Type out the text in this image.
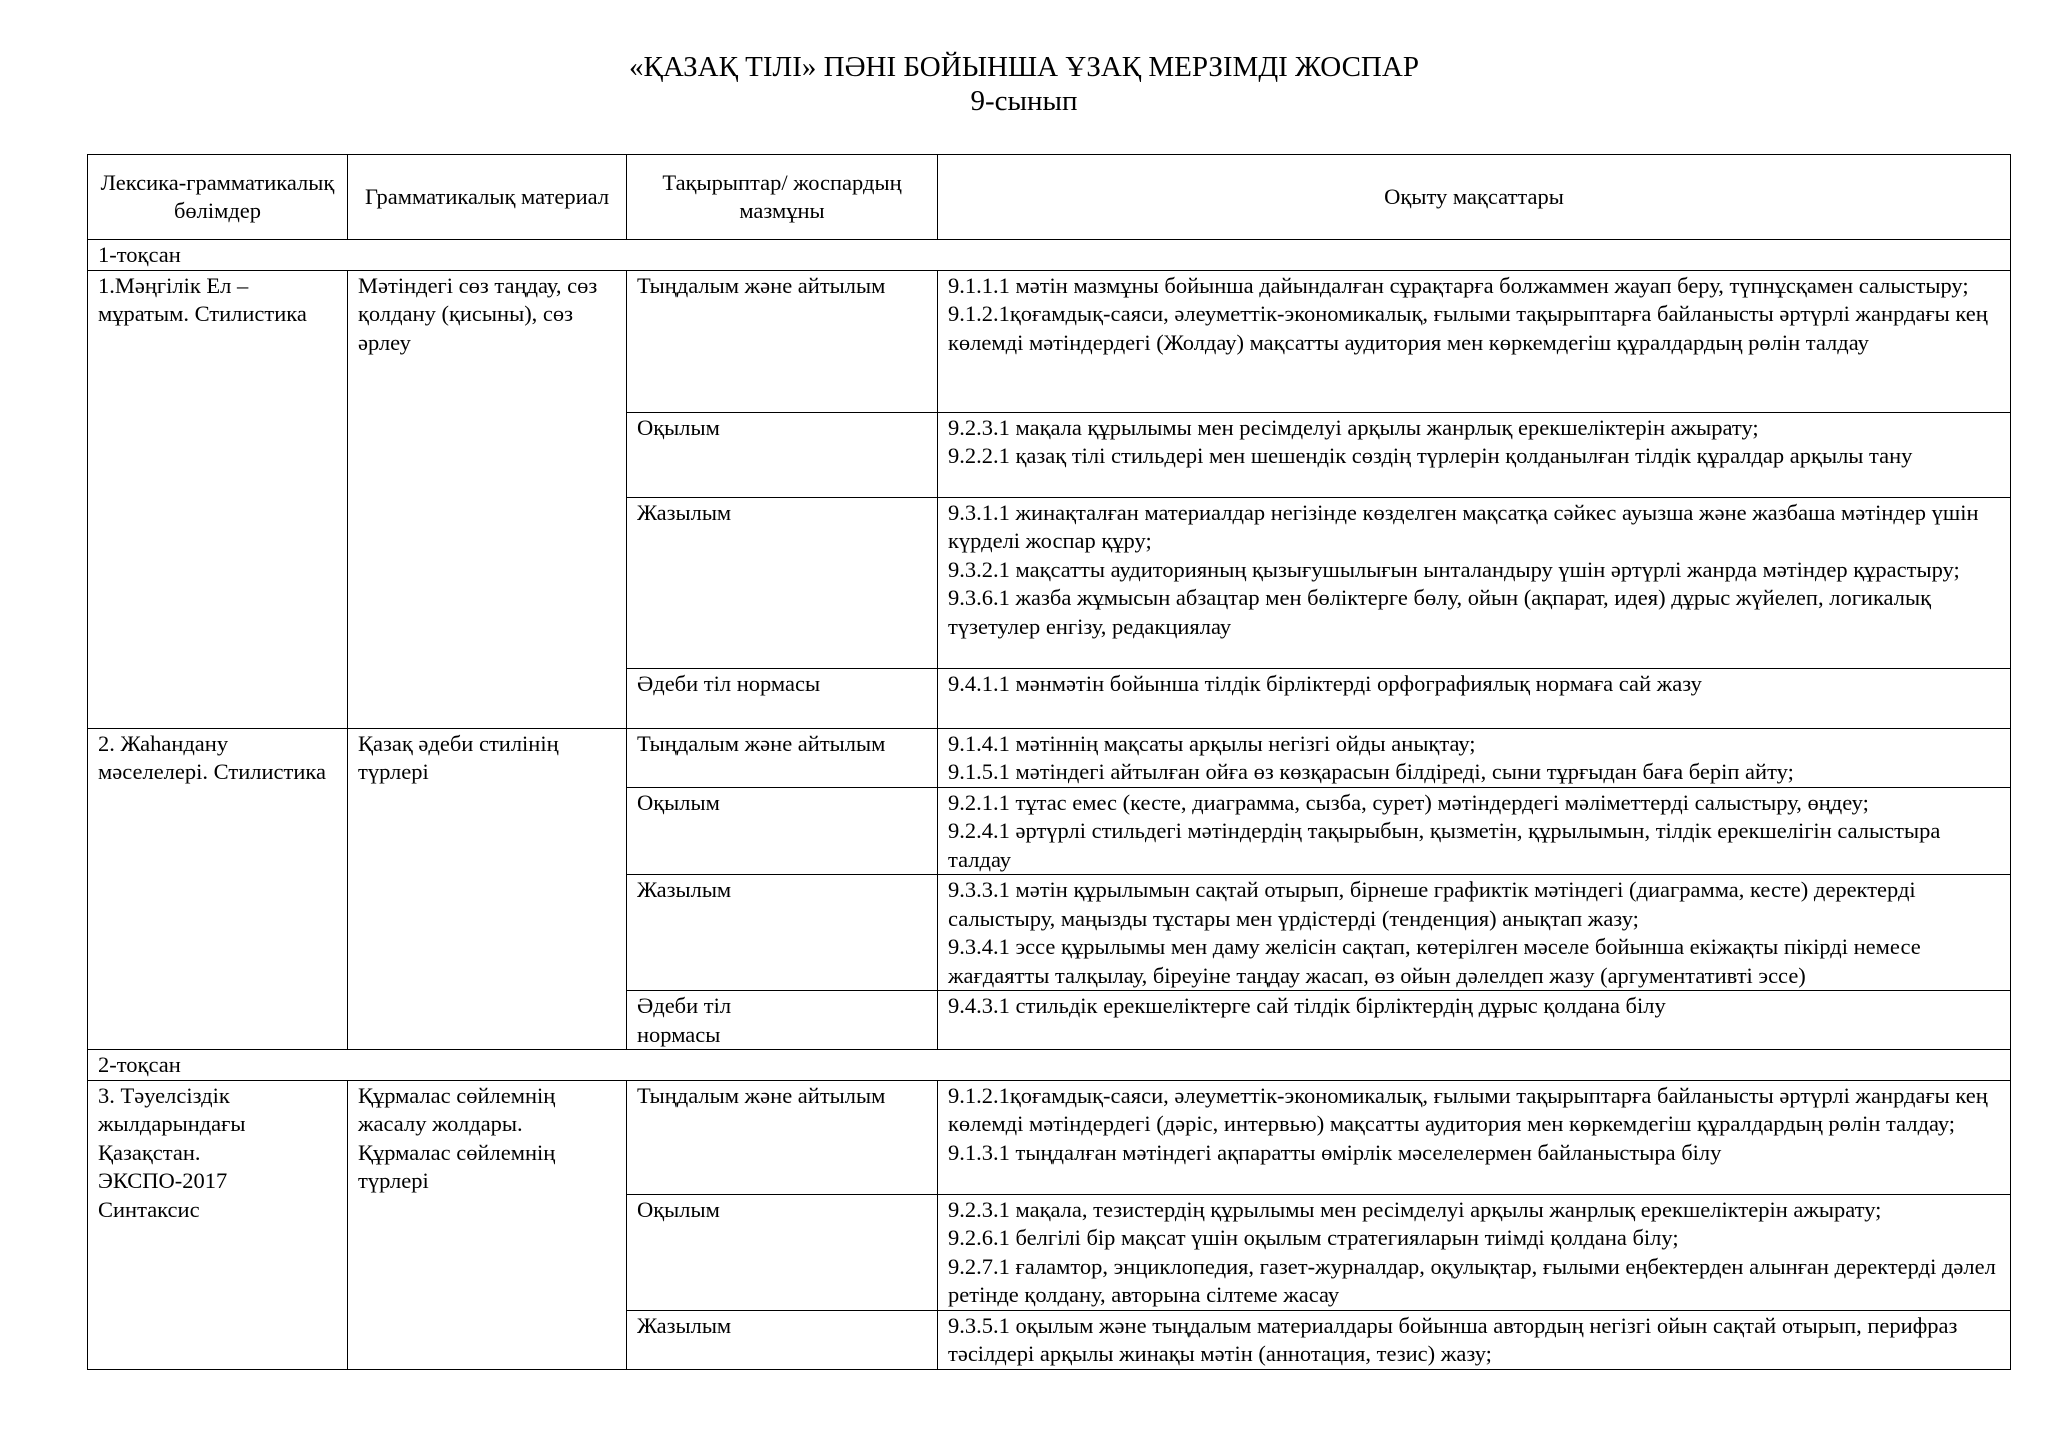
«ҚАЗАҚ ТІЛІ» ПӘНІ БОЙЫНША ҰЗАҚ МЕРЗІМДІ ЖОСПАР
9-сынып
Лексика-грамматикалық бөлімдер	Грамматикалық материал	Тақырыптар/ жоспардың мазмұны	Оқыту мақсаттары
1-тоқсан			
1.Мәңгілік Ел – мұратым. Стилистика	Мәтіндегі сөз таңдау, сөз қолдану (қисыны), сөз әрлеу	Тыңдалым және айтылым	9.1.1.1 мәтін мазмұны бойынша дайындалған сұрақтарға болжаммен жауап беру, түпнұсқамен салыстыру;
9.1.2.1қоғамдық-саяси, әлеуметтік-экономикалық, ғылыми тақырыптарға байланысты әртүрлі жанрдағы кең көлемді мәтіндердегі (Жолдау) мақсатты аудитория мен көркемдегіш құралдардың рөлін талдау

		Оқылым	9.2.3.1 мақала құрылымы мен ресімделуі арқылы жанрлық ерекшеліктерін ажырату;
9.2.2.1 қазақ тілі стильдері мен шешендік сөздің түрлерін қолданылған тілдік құралдар арқылы тану

		Жазылым	9.3.1.1 жинақталған материалдар негізінде көзделген мақсатқа сәйкес ауызша және жазбаша мәтіндер үшін күрделі жоспар құру;
9.3.2.1 мақсатты аудиторияның қызығушылығын ынталандыру үшін әртүрлі жанрда мәтіндер құрастыру;
9.3.6.1 жазба жұмысын абзацтар мен бөліктерге бөлу, ойын (ақпарат, идея) дұрыс жүйелеп, логикалық түзетулер енгізу, редакциялау

		Әдеби тіл нормасы	9.4.1.1 мәнмәтін бойынша тілдік бірліктерді орфографиялық нормаға сай жазу

2. Жаһандану мәселелері. Стилистика	Қазақ әдеби стилінің түрлері	Тыңдалым және айтылым	9.1.4.1 мәтіннің мақсаты арқылы негізгі ойды анықтау;
9.1.5.1 мәтіндегі айтылған ойға өз көзқарасын білдіреді, сыни тұрғыдан баға беріп айту;

		Оқылым	9.2.1.1 тұтас емес (кесте, диаграмма, сызба, сурет) мәтіндердегі мәліметтерді салыстыру, өңдеу;
9.2.4.1 әртүрлі стильдегі мәтіндердің тақырыбын, қызметін, құрылымын, тілдік ерекшелігін салыстыра талдау

		Жазылым	9.3.3.1 мәтін құрылымын сақтай отырып, бірнеше графиктік мәтіндегі (диаграмма, кесте) деректерді салыстыру, маңызды тұстары мен үрдістерді (тенденция) анықтап жазу;
9.3.4.1 эссе құрылымы мен даму желісін сақтап, көтерілген мәселе бойынша екіжақты пікірді немесе жағдаятты талқылау, біреуіне таңдау жасап, өз ойын дәлелдеп жазу (аргументативті эссе)

		Әдеби тіл нормасы	9.4.3.1 стильдік ерекшеліктерге сай тілдік бірліктердің дұрыс қолдана білу

2-тоқсан			
3. Тәуелсіздік жылдарындағы Қазақстан. ЭКСПО-2017 Синтаксис	Құрмалас сөйлемнің жасалу жолдары. Құрмалас сөйлемнің түрлері	Тыңдалым және айтылым	9.1.2.1қоғамдық-саяси, әлеуметтік-экономикалық, ғылыми тақырыптарға байланысты әртүрлі жанрдағы кең көлемді мәтіндердегі (дәріс, интервью) мақсатты аудитория мен көркемдегіш құралдардың рөлін талдау;
9.1.3.1 тыңдалған мәтіндегі ақпаратты өмірлік мәселелермен байланыстыра білу

		Оқылым	9.2.3.1 мақала, тезистердің құрылымы мен ресімделуі арқылы жанрлық ерекшеліктерін ажырату;
9.2.6.1 белгілі бір мақсат үшін оқылым стратегияларын тиімді қолдана білу;
9.2.7.1 ғаламтор, энциклопедия, газет-журналдар, оқулықтар, ғылыми еңбектерден алынған деректерді дәлел ретінде қолдану, авторына сілтеме жасау

		Жазылым	9.3.5.1 оқылым және тыңдалым материалдары бойынша автордың негізгі ойын сақтай отырып, перифраз тәсілдері арқылы жинақы мәтін (аннотация, тезис) жазу;
